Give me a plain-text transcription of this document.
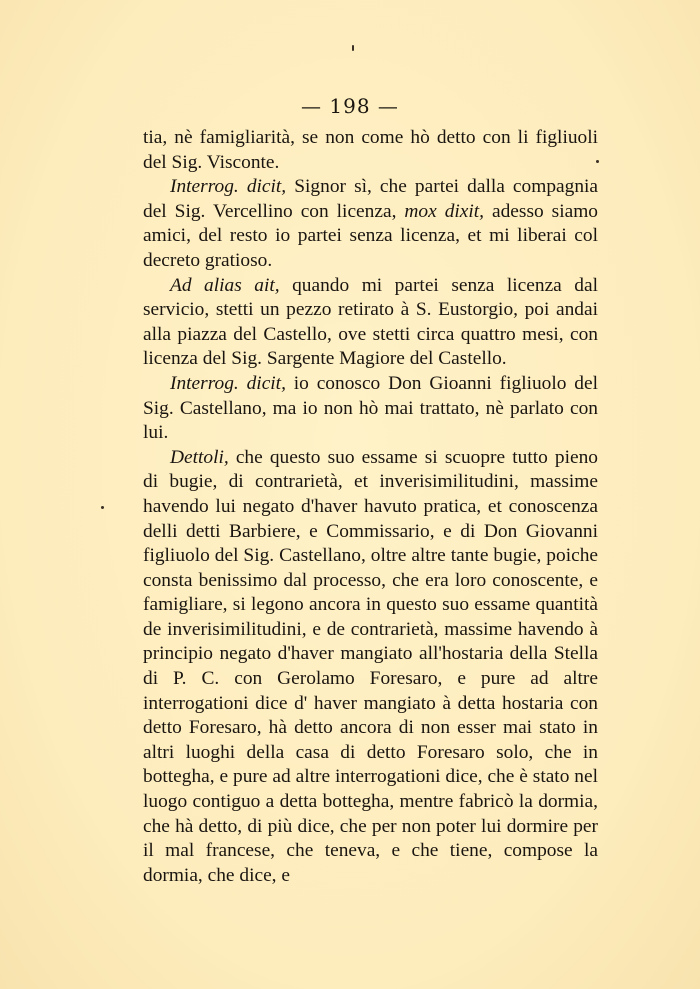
— 198 —

tia, nè famigliarità, se non come hò detto con li figliuoli del Sig. Visconte.

Interrog. dicit, Signor sì, che partei dalla compagnia del Sig. Vercellino con licenza, mox dixit, adesso siamo amici, del resto io partei senza licenza, et mi liberai col decreto gratioso.

Ad alias ait, quando mi partei senza licenza dal servicio, stetti un pezzo retirato à S. Eustorgio, poi andai alla piazza del Castello, ove stetti circa quattro mesi, con licenza del Sig. Sargente Magiore del Castello.

Interrog. dicit, io conosco Don Gioanni figliuolo del Sig. Castellano, ma io non hò mai trattato, nè parlato con lui.

Dettoli, che questo suo essame si scuopre tutto pieno di bugie, di contrarietà, et inverisimilitudini, massime havendo lui negato d'haver havuto pratica, et conoscenza delli detti Barbiere, e Commissario, e di Don Giovanni figliuolo del Sig. Castellano, oltre altre tante bugie, poiche consta benissimo dal processo, che era loro conoscente, e famigliare, si legono ancora in questo suo essame quantità de inverisimilitudini, e de contrarietà, massime havendo à principio negato d'haver mangiato all'hostaria della Stella di P. C. con Gerolamo Foresaro, e pure ad altre interrogationi dice d' haver mangiato à detta hostaria con detto Foresaro, hà detto ancora di non esser mai stato in altri luoghi della casa di detto Foresaro solo, che in bottegha, e pure ad altre interrogationi dice, che è stato nel luogo contiguo a detta bottegha, mentre fabricò la dormia, che hà detto, di più dice, che per non poter lui dormire per il mal francese, che teneva, e che tiene, compose la dormia, che dice, e
